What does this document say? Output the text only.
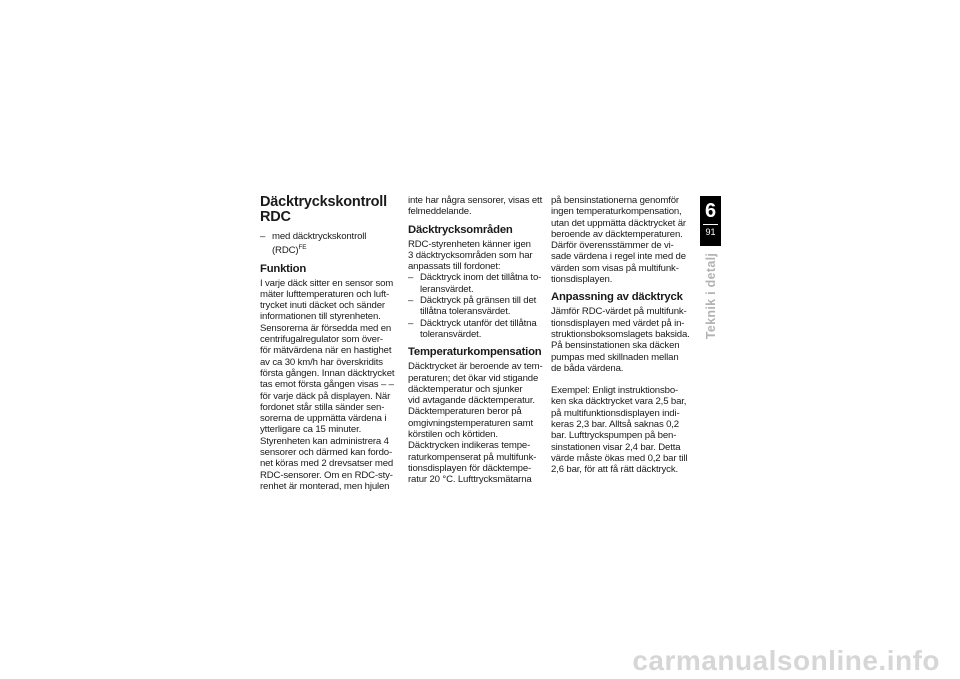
Däcktryckskontroll
RDC
– med däcktryckskontroll
(RDC)$^{FE}$
Funktion
I varje däck sitter en sensor som
mäter lufttemperaturen och luft-
trycket inuti däcket och sänder
informationen till styrenheten.
Sensorerna är försedda med en
centrifugalregulator som över-
för mätvärdena när en hastighet
av ca 30 km/h har överskridits
första gången. Innan däcktrycket
tas emot första gången visas – –
för varje däck på displayen. När
fordonet står stilla sänder sen-
sorerna de uppmätta värdena i
ytterligare ca 15 minuter.
Styrenheten kan administrera 4
sensorer och därmed kan fordo-
net köras med 2 drevsatser med
RDC-sensorer. Om en RDC-sty-
renhet är monterad, men hjulen
inte har några sensorer, visas ett
felmeddelande.
Däcktrycksområden
RDC-styrenheten känner igen
3 däcktrycksområden som har
anpassats till fordonet:
– Däcktryck inom det tillåtna to-
leransvärdet.
– Däcktryck på gränsen till det
tillåtna toleransvärdet.
– Däcktryck utanför det tillåtna
toleransvärdet.
Temperaturkompensation
Däcktrycket är beroende av tem-
peraturen; det ökar vid stigande
däcktemperatur och sjunker
vid avtagande däcktemperatur.
Däcktemperaturen beror på
omgivningstemperaturen samt
körstilen och körtiden.
Däcktrycken indikeras tempe-
raturkompenserat på multifunk-
tionsdisplayen för däcktempe-
ratur 20 °C. Lufttrycksmätarna
på bensinstationerna genomför
ingen temperaturkompensation,
utan det uppmätta däcktrycket är
beroende av däcktemperaturen.
Därför överensstämmer de vi-
sade värdena i regel inte med de
värden som visas på multifunk-
tionsdisplayen.
Anpassning av däcktryck
Jämför RDC-värdet på multifunk-
tionsdisplayen med värdet på in-
struktionsboksomslagets baksida.
På bensinstationen ska däcken
pumpas med skillnaden mellan
de båda värdena.
Exempel: Enligt instruktionsbo-
ken ska däcktrycket vara 2,5 bar,
på multifunktionsdisplayen indi-
keras 2,3 bar. Alltså saknas 0,2
bar. Lufttryckspumpen på ben-
sinstationen visar 2,4 bar. Detta
värde måste ökas med 0,2 bar till
2,6 bar, för att få rätt däcktryck.
6
91
Teknik i detalj
carmanualsonline.info
